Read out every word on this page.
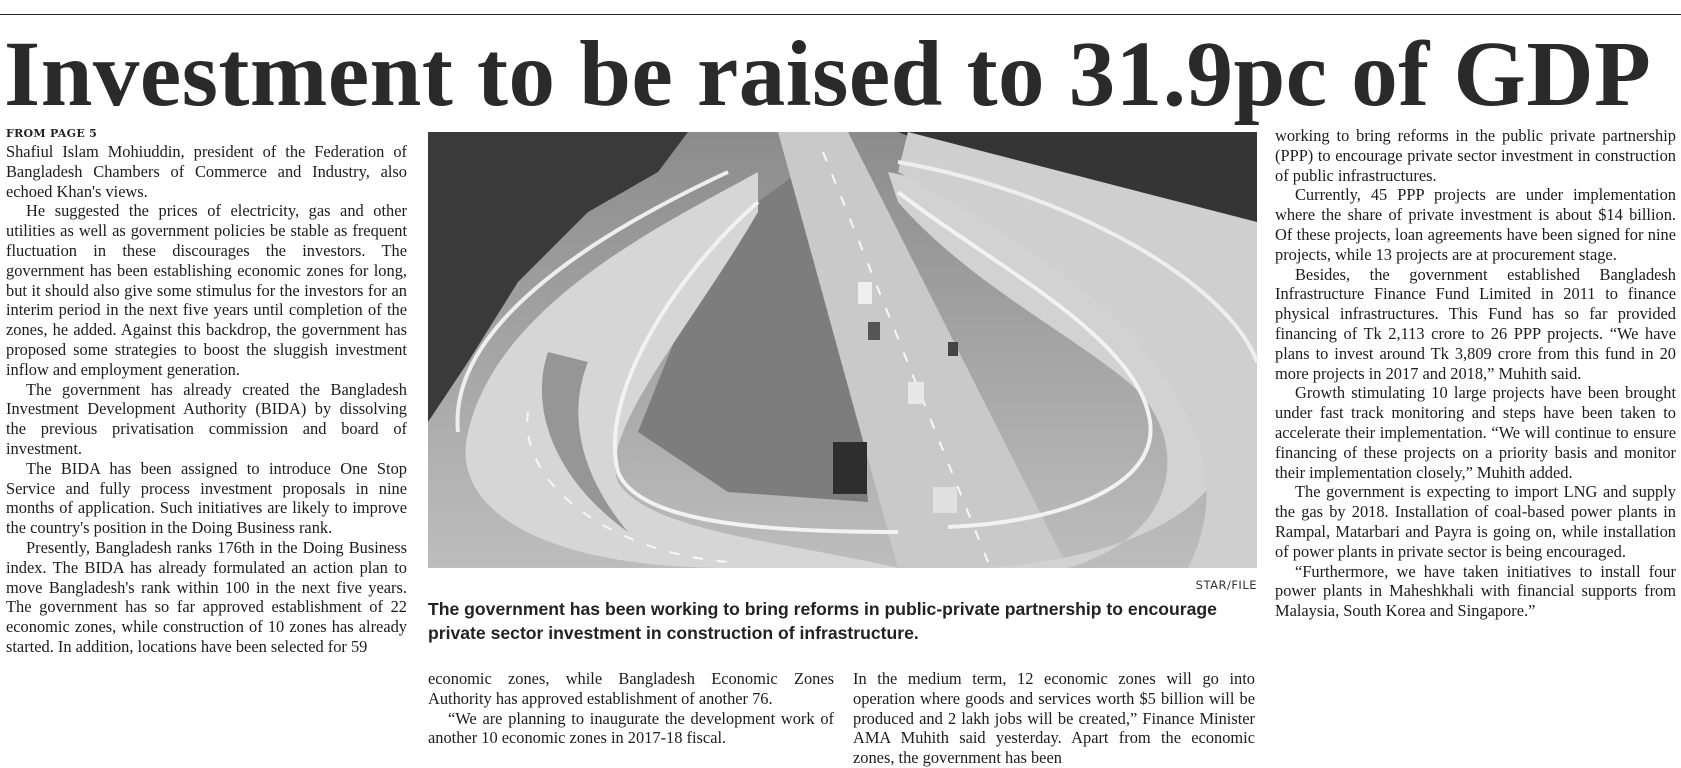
Investment to be raised to 31.9pc of GDP
FROM PAGE 5

Shafiul Islam Mohiuddin, president of the Federation of Bangladesh Chambers of Commerce and Industry, also echoed Khan's views.

He suggested the prices of electricity, gas and other utilities as well as government policies be stable as frequent fluctuation in these discourages the investors. The government has been establishing economic zones for long, but it should also give some stimulus for the investors for an interim period in the next five years until completion of the zones, he added. Against this backdrop, the government has proposed some strategies to boost the sluggish investment inflow and employment generation.

The government has already created the Bangladesh Investment Development Authority (BIDA) by dissolving the previous privatisation commission and board of investment.

The BIDA has been assigned to introduce One Stop Service and fully process investment proposals in nine months of application. Such initiatives are likely to improve the country's position in the Doing Business rank.

Presently, Bangladesh ranks 176th in the Doing Business index. The BIDA has already formulated an action plan to move Bangladesh's rank within 100 in the next five years. The government has so far approved establishment of 22 economic zones, while construction of 10 zones has already started. In addition, locations have been selected for 59

STAR/FILE
The government has been working to bring reforms in public-private partnership to encourage private sector investment in construction of infrastructure.

economic zones, while Bangladesh Economic Zones Authority has approved establishment of another 76.

“We are planning to inaugurate the development work of another 10 economic zones in 2017-18 fiscal.

In the medium term, 12 economic zones will go into operation where goods and services worth $5 billion will be produced and 2 lakh jobs will be created,” Finance Minister AMA Muhith said yesterday. Apart from the economic zones, the government has been

working to bring reforms in the public private partnership (PPP) to encourage private sector investment in construction of public infrastructures.

Currently, 45 PPP projects are under implementation where the share of private investment is about $14 billion. Of these projects, loan agreements have been signed for nine projects, while 13 projects are at procurement stage.

Besides, the government established Bangladesh Infrastructure Finance Fund Limited in 2011 to finance physical infrastructures. This Fund has so far provided financing of Tk 2,113 crore to 26 PPP projects. “We have plans to invest around Tk 3,809 crore from this fund in 20 more projects in 2017 and 2018,” Muhith said.

Growth stimulating 10 large projects have been brought under fast track monitoring and steps have been taken to accelerate their implementation. “We will continue to ensure financing of these projects on a priority basis and monitor their implementation closely,” Muhith added.

The government is expecting to import LNG and supply the gas by 2018. Installation of coal-based power plants in Rampal, Matarbari and Payra is going on, while installation of power plants in private sector is being encouraged.

“Furthermore, we have taken initiatives to install four power plants in Maheshkhali with financial supports from Malaysia, South Korea and Singapore.”
